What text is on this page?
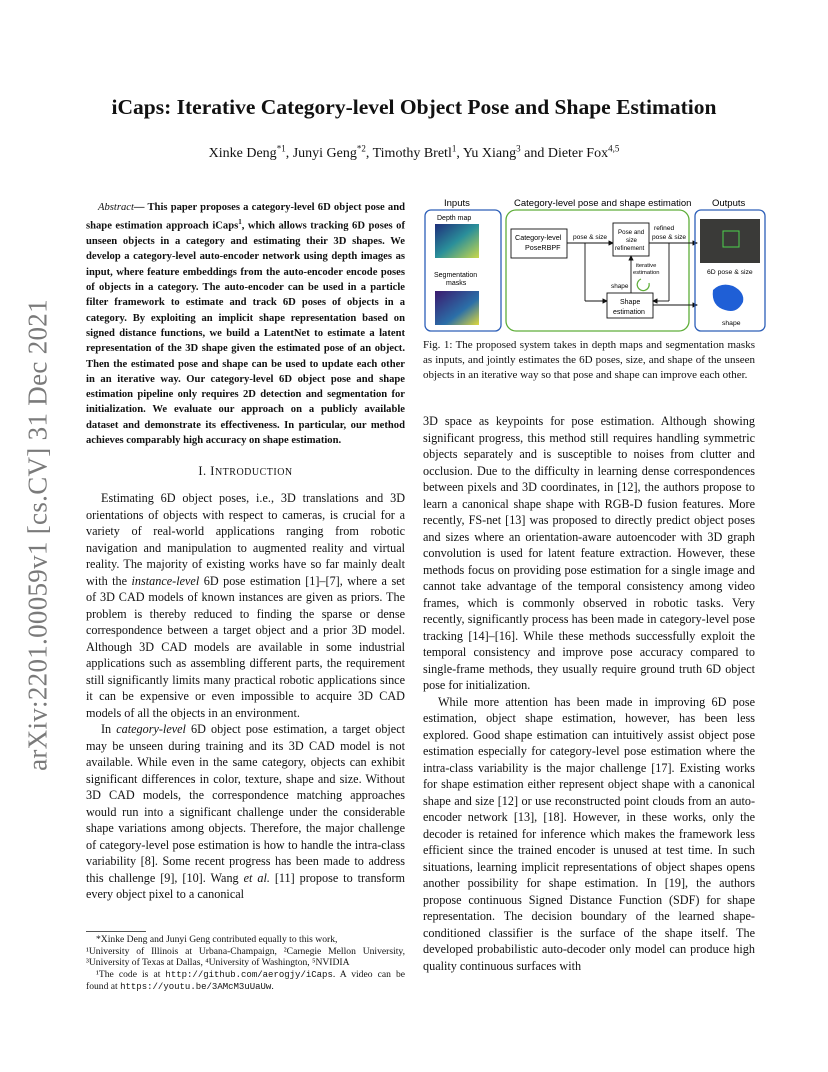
arXiv:2201.00059v1 [cs.CV] 31 Dec 2021
iCaps: Iterative Category-level Object Pose and Shape Estimation
Xinke Deng$^{*1}$, Junyi Geng$^{*2}$, Timothy Bretl$^1$, Yu Xiang$^3$ and Dieter Fox$^{4,5}$
Abstract— This paper proposes a category-level 6D object pose and shape estimation approach iCaps$^1$, which allows tracking 6D poses of unseen objects in a category and estimating their 3D shapes. We develop a category-level auto-encoder network using depth images as input, where feature embeddings from the auto-encoder encode poses of objects in a category. The auto-encoder can be used in a particle filter framework to estimate and track 6D poses of objects in a category. By exploiting an implicit shape representation based on signed distance functions, we build a LatentNet to estimate a latent representation of the 3D shape given the estimated pose of an object. Then the estimated pose and shape can be used to update each other in an iterative way. Our category-level 6D object pose and shape estimation pipeline only requires 2D detection and segmentation for initialization. We evaluate our approach on a publicly available dataset and demonstrate its effectiveness. In particular, our method achieves comparably high accuracy on shape estimation.
I. INTRODUCTION

Estimating 6D object poses, i.e., 3D translations and 3D orientations of objects with respect to cameras, is crucial for a variety of real-world applications ranging from robotic navigation and manipulation to augmented reality and virtual reality. The majority of existing works have so far mainly dealt with the instance-level 6D pose estimation [1]–[7], where a set of 3D CAD models of known instances are given as priors. The problem is thereby reduced to finding the sparse or dense correspondence between a target object and a prior 3D model. Although 3D CAD models are available in some industrial applications such as assembling different parts, the requirement still significantly limits many practical robotic applications since it can be expensive or even impossible to acquire 3D CAD models of all the objects in an environment.

In category-level 6D object pose estimation, a target object may be unseen during training and its 3D CAD model is not available. While even in the same category, objects can exhibit significant differences in color, texture, shape and size. Without 3D CAD models, the correspondence matching approaches would run into a significant challenge under the considerable shape variations among objects. Therefore, the major challenge of category-level pose estimation is how to handle the intra-class variability [8]. Some recent progress has been made to address this challenge [9], [10]. Wang et al. [11] propose to transform every object pixel to a canonical

*Xinke Deng and Junyi Geng contributed equally to this work,

¹University of Illinois at Urbana-Champaign, ²Carnegie Mellon University, ³University of Texas at Dallas, ⁴University of Washington, ⁵NVIDIA

¹The code is at http://github.com/aerogjy/iCaps. A video can be found at https://youtu.be/3AMcM3uUaUw.

Inputs	Category-level pose and shape estimation Outputs
Depth map
Segmentation
masks
Category-level
PoseRBPF
pose & size
Pose and
size
refinement
refined
pose & size
iterative
estimation
Shape
estimation
shape
6D pose & size
shape
Fig. 1: The proposed system takes in depth maps and segmentation masks as inputs, and jointly estimates the 6D poses, size, and shape of the unseen objects in an iterative way so that pose and shape can improve each other.

3D space as keypoints for pose estimation. Although showing significant progress, this method still requires handling symmetric objects separately and is susceptible to noises from clutter and occlusion. Due to the difficulty in learning dense correspondences between pixels and 3D coordinates, in [12], the authors propose to learn a canonical shape shape with RGB-D fusion features. More recently, FS-net [13] was proposed to directly predict object poses and sizes where an orientation-aware autoencoder with 3D graph convolution is used for latent feature extraction. However, these methods focus on providing pose estimation for a single image and cannot take advantage of the temporal consistency among video frames, which is commonly observed in robotic tasks. Very recently, significantly process has been made in category-level pose tracking [14]–[16]. While these methods successfully exploit the temporal consistency and improve pose accuracy compared to single-frame methods, they usually require ground truth 6D object pose for initialization.

While more attention has been made in improving 6D pose estimation, object shape estimation, however, has been less explored. Good shape estimation can intuitively assist object pose estimation especially for category-level pose estimation where the intra-class variability is the major challenge [17]. Existing works for shape estimation either represent object shape with a canonical shape and size [12] or use reconstructed point clouds from an auto-encoder network [13], [18]. However, in these works, only the decoder is retained for inference which makes the framework less efficient since the trained encoder is unused at test time. In such situations, learning implicit representations of object shapes opens another possibility for shape estimation. In [19], the authors propose continuous Signed Distance Function (SDF) for shape representation. The decision boundary of the learned shape-conditioned classifier is the surface of the shape itself. The developed probabilistic auto-decoder only model can produce high quality continuous surfaces with
